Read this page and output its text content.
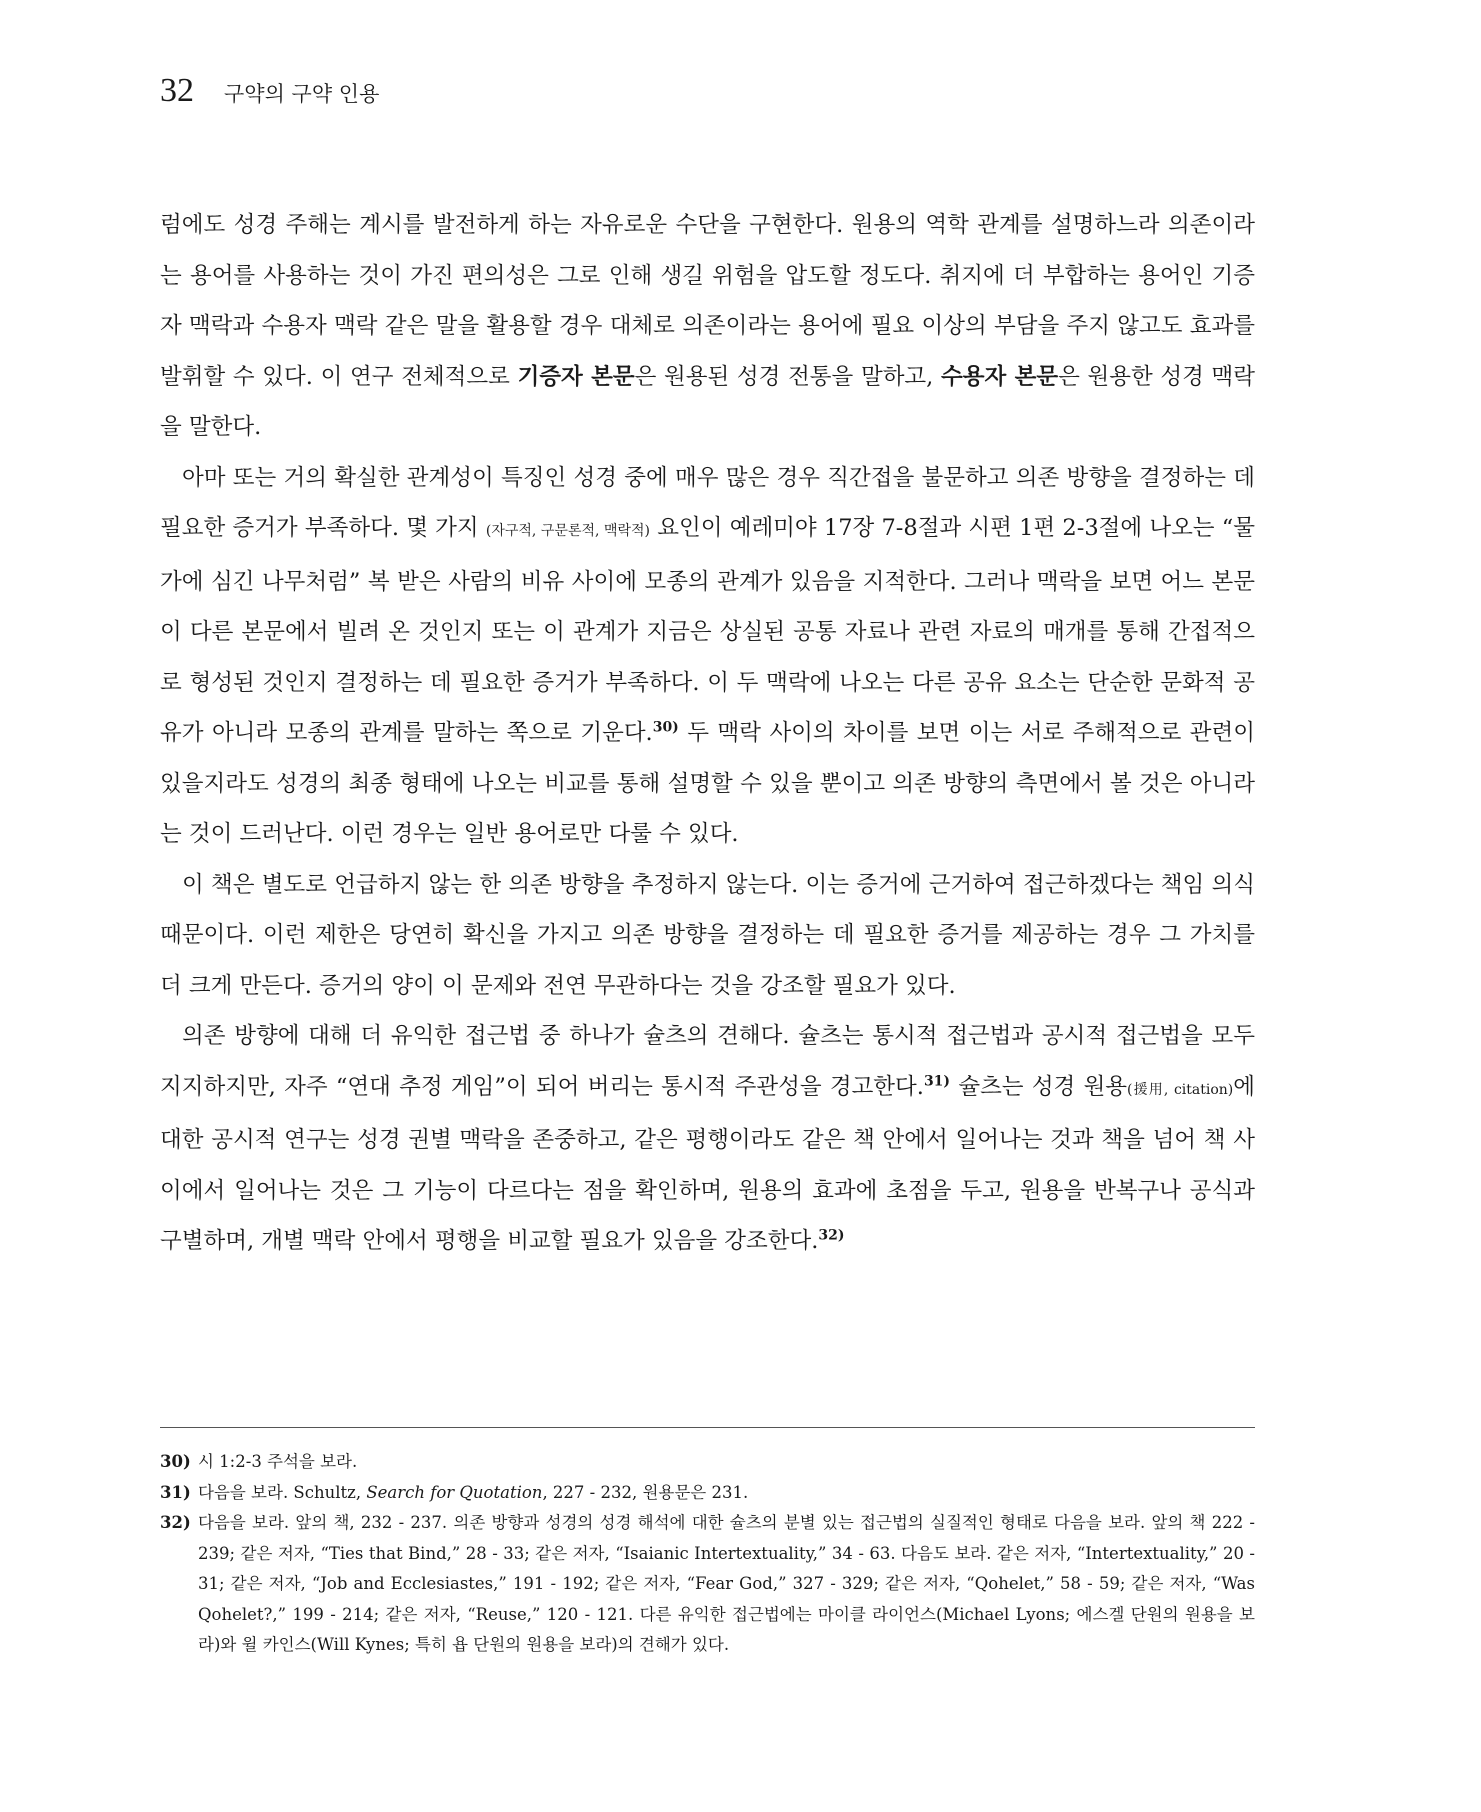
32 구약의 구약 인용

럼에도 성경 주해는 계시를 발전하게 하는 자유로운 수단을 구현한다. 원용의 역학 관계를 설명하느라 의존이라는 용어를 사용하는 것이 가진 편의성은 그로 인해 생길 위험을 압도할 정도다. 취지에 더 부합하는 용어인 기증자 맥락과 수용자 맥락 같은 말을 활용할 경우 대체로 의존이라는 용어에 필요 이상의 부담을 주지 않고도 효과를 발휘할 수 있다. 이 연구 전체적으로 기증자 본문은 원용된 성경 전통을 말하고, 수용자 본문은 원용한 성경 맥락을 말한다.

아마 또는 거의 확실한 관계성이 특징인 성경 중에 매우 많은 경우 직간접을 불문하고 의존 방향을 결정하는 데 필요한 증거가 부족하다. 몇 가지 (자구적, 구문론적, 맥락적) 요인이 예레미야 17장 7-8절과 시편 1편 2-3절에 나오는 “물가에 심긴 나무처럼” 복 받은 사람의 비유 사이에 모종의 관계가 있음을 지적한다. 그러나 맥락을 보면 어느 본문이 다른 본문에서 빌려 온 것인지 또는 이 관계가 지금은 상실된 공통 자료나 관련 자료의 매개를 통해 간접적으로 형성된 것인지 결정하는 데 필요한 증거가 부족하다. 이 두 맥락에 나오는 다른 공유 요소는 단순한 문화적 공유가 아니라 모종의 관계를 말하는 쪽으로 기운다.$^{30)}$ 두 맥락 사이의 차이를 보면 이는 서로 주해적으로 관련이 있을지라도 성경의 최종 형태에 나오는 비교를 통해 설명할 수 있을 뿐이고 의존 방향의 측면에서 볼 것은 아니라는 것이 드러난다. 이런 경우는 일반 용어로만 다룰 수 있다.

이 책은 별도로 언급하지 않는 한 의존 방향을 추정하지 않는다. 이는 증거에 근거하여 접근하겠다는 책임 의식 때문이다. 이런 제한은 당연히 확신을 가지고 의존 방향을 결정하는 데 필요한 증거를 제공하는 경우 그 가치를 더 크게 만든다. 증거의 양이 이 문제와 전연 무관하다는 것을 강조할 필요가 있다.

의존 방향에 대해 더 유익한 접근법 중 하나가 슐츠의 견해다. 슐츠는 통시적 접근법과 공시적 접근법을 모두 지지하지만, 자주 “연대 추정 게임”이 되어 버리는 통시적 주관성을 경고한다.$^{31)}$ 슐츠는 성경 원용(援用, citation)에 대한 공시적 연구는 성경 권별 맥락을 존중하고, 같은 평행이라도 같은 책 안에서 일어나는 것과 책을 넘어 책 사이에서 일어나는 것은 그 기능이 다르다는 점을 확인하며, 원용의 효과에 초점을 두고, 원용을 반복구나 공식과 구별하며, 개별 맥락 안에서 평행을 비교할 필요가 있음을 강조한다.$^{32)}$

30) 시 1:2-3 주석을 보라.
31) 다음을 보라. Schultz, Search for Quotation, 227 - 232, 원용문은 231.
32) 다음을 보라. 앞의 책, 232 - 237. 의존 방향과 성경의 성경 해석에 대한 슐츠의 분별 있는 접근법의 실질적인 형태로 다음을 보라. 앞의 책 222 - 239; 같은 저자, “Ties that Bind,” 28 - 33; 같은 저자, “Isaianic Intertextuality,” 34 - 63. 다음도 보라. 같은 저자, “Intertextuality,” 20 - 31; 같은 저자, “Job and Ecclesiastes,” 191 - 192; 같은 저자, “Fear God,” 327 - 329; 같은 저자, “Qohelet,” 58 - 59; 같은 저자, “Was Qohelet?,” 199 - 214; 같은 저자, “Reuse,” 120 - 121. 다른 유익한 접근법에는 마이클 라이언스(Michael Lyons; 에스겔 단원의 원용을 보라)와 윌 카인스(Will Kynes; 특히 욥 단원의 원용을 보라)의 견해가 있다.
